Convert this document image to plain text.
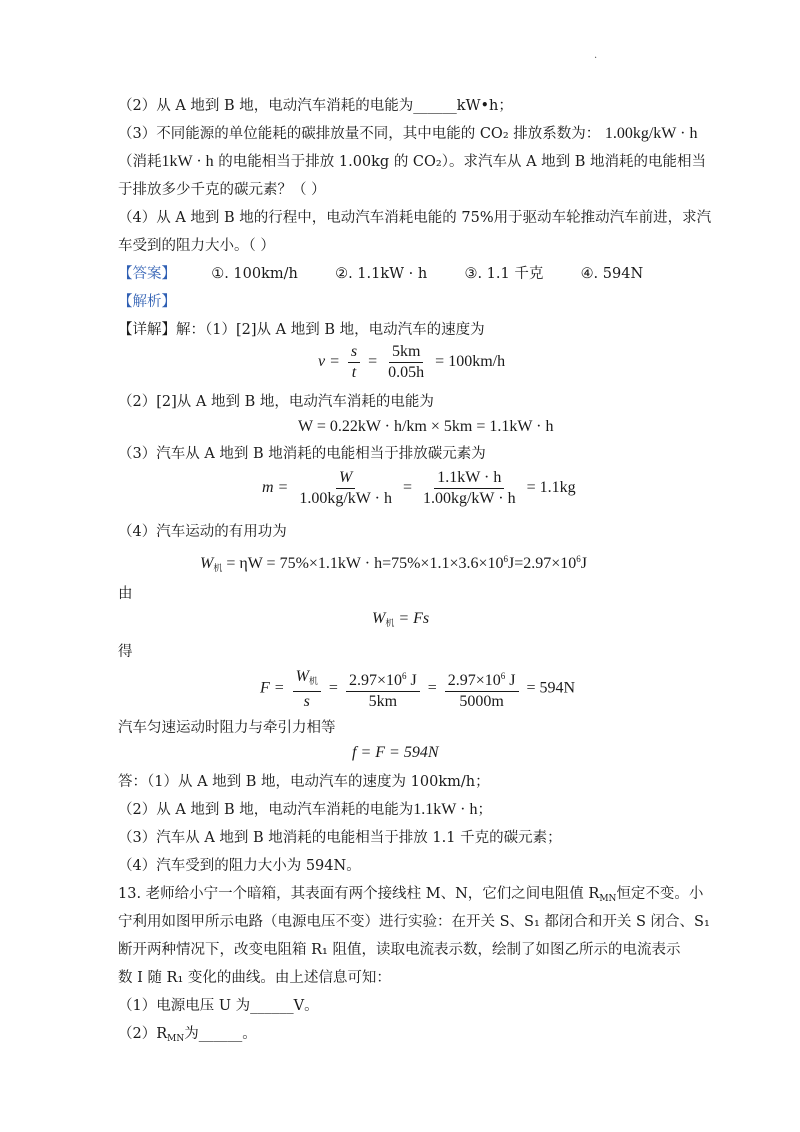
.
（2）从 A 地到 B 地，电动汽车消耗的电能为______kW•h；
（3）不同能源的单位能耗的碳排放量不同，其中电能的 CO₂ 排放系数为： 1.00kg/kW · h
（消耗1kW · h 的电能相当于排放 1.00kg 的 CO₂）。求汽车从 A 地到 B 地消耗的电能相当
于排放多少千克的碳元素？（ ）
（4）从 A 地到 B 地的行程中，电动汽车消耗电能的 75%用于驱动车轮推动汽车前进，求汽
车受到的阻力大小。（ ）
【答案】 ①. 100km/h	②. 1.1kW · h	③. 1.1 千克	④. 594N
【解析】
【详解】解：（1）[2]从 A 地到 B 地，电动汽车的速度为
$v = \frac{s}{t} = \frac{5km}{0.05h} = 100km/h$
（2）[2]从 A 地到 B 地，电动汽车消耗的电能为
W = 0.22kW · h/km × 5km = 1.1kW · h
（3）汽车从 A 地到 B 地消耗的电能相当于排放碳元素为
$m = \frac{W}{1.00kg/kW \cdot h} = \frac{1.1kW \cdot h}{1.00kg/kW \cdot h} = 1.1kg$
（4）汽车运动的有用功为
$W_机 = \eta W = 75\%\times 1.1kW \cdot h=75\%\times 1.1\times 3.6\times 10^6J=2.97\times 10^6J$
由
$W_机 = Fs$
得
$F = \frac{W_机}{s} = \frac{2.97\times 10^6 J}{5km} = \frac{2.97\times 10^6 J}{5000m} = 594N$
汽车匀速运动时阻力与牵引力相等
f = F = 594N
答：（1）从 A 地到 B 地，电动汽车的速度为 100km/h；
（2）从 A 地到 B 地，电动汽车消耗的电能为1.1kW · h；
（3）汽车从 A 地到 B 地消耗的电能相当于排放 1.1 千克的碳元素；
（4）汽车受到的阻力大小为 594N。
13. 老师给小宁一个暗箱，其表面有两个接线柱 M、N，它们之间电阻值 $R_{MN}$恒定不变。小
宁利用如图甲所示电路（电源电压不变）进行实验：在开关 S、S₁ 都闭合和开关 S 闭合、S₁
断开两种情况下，改变电阻箱 R₁ 阻值，读取电流表示数，绘制了如图乙所示的电流表示
数 I 随 R₁ 变化的曲线。由上述信息可知：
（1）电源电压 U 为______V。
$(2)R_{MN}$为______。
